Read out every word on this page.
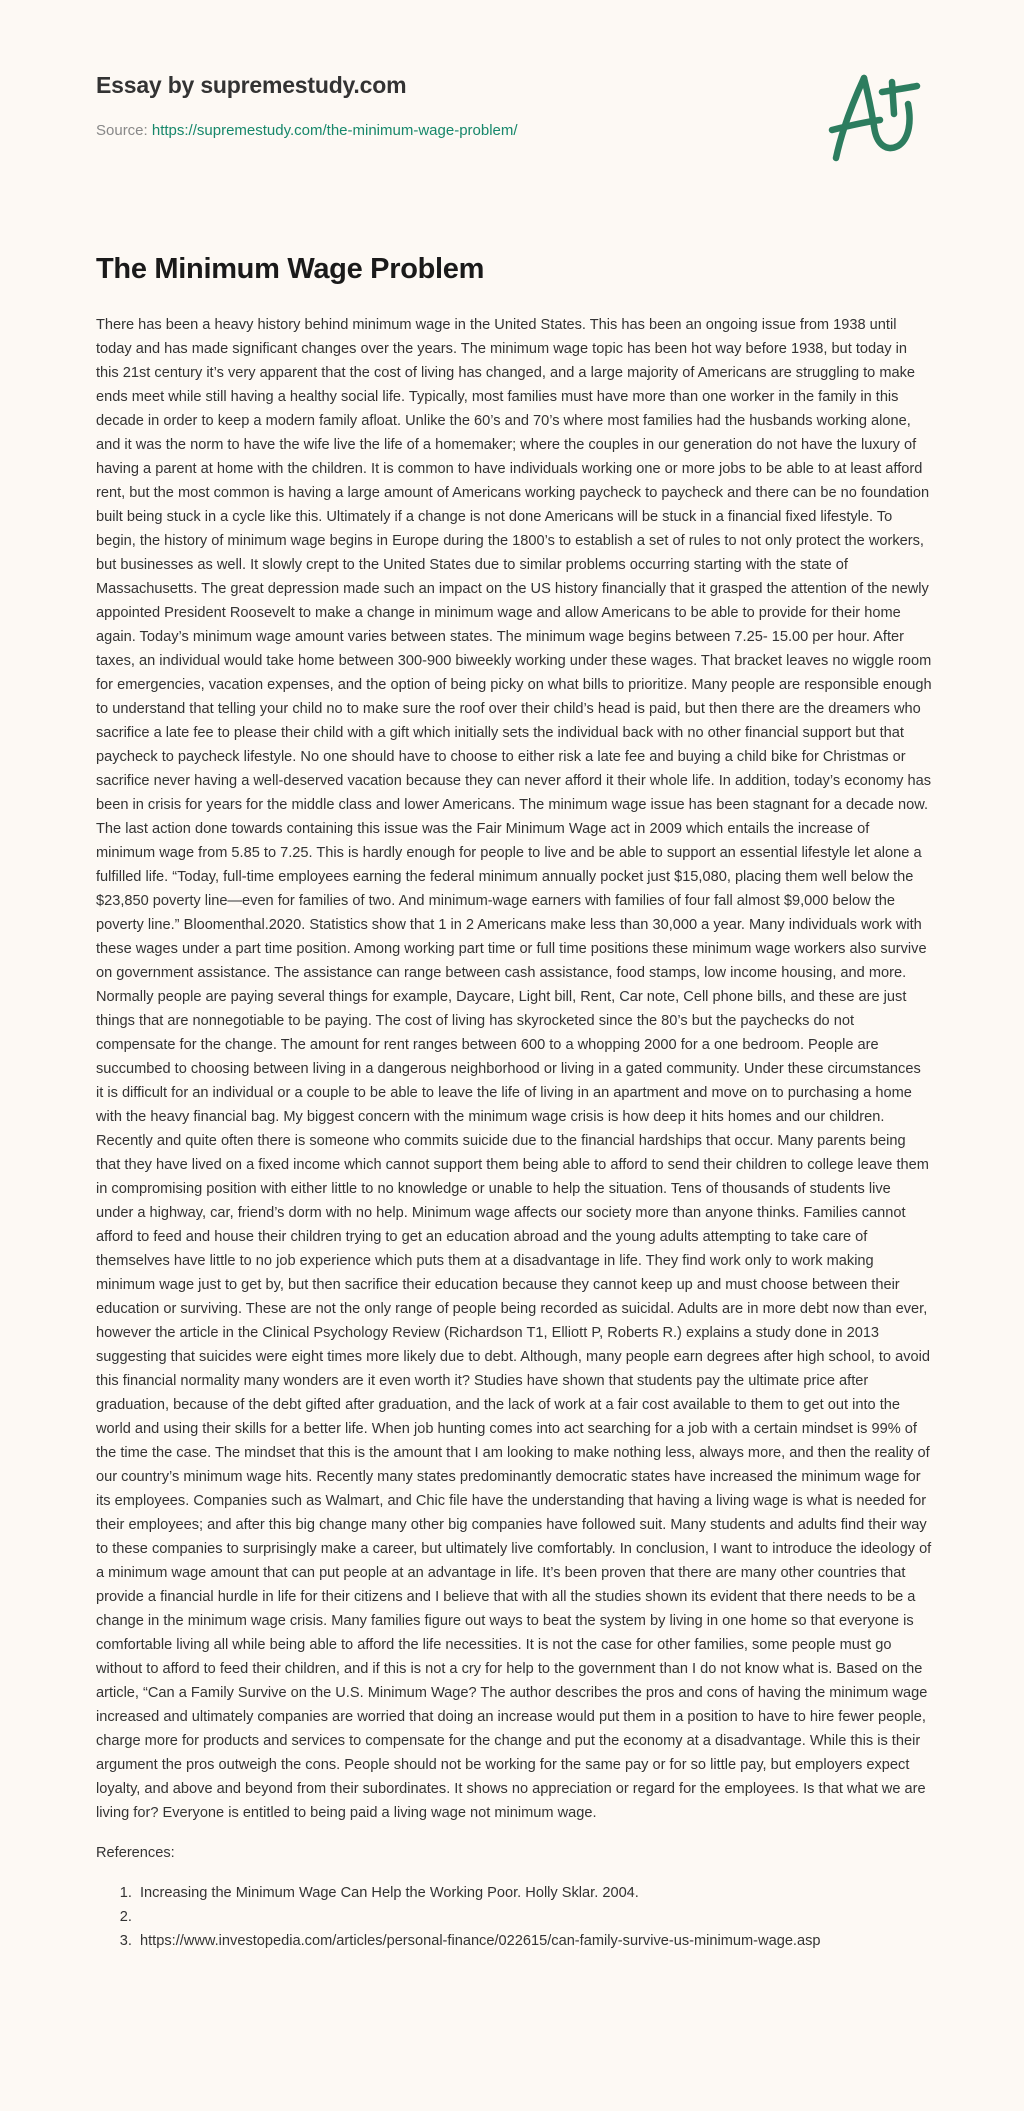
Essay by supremestudy.com
Source: https://supremestudy.com/the-minimum-wage-problem/
The Minimum Wage Problem

There has been a heavy history behind minimum wage in the United States. This has been an ongoing issue from 1938 until today and has made significant changes over the years. The minimum wage topic has been hot way before 1938, but today in this 21st century it’s very apparent that the cost of living has changed, and a large majority of Americans are struggling to make ends meet while still having a healthy social life. Typically, most families must have more than one worker in the family in this decade in order to keep a modern family afloat. Unlike the 60’s and 70’s where most families had the husbands working alone, and it was the norm to have the wife live the life of a homemaker; where the couples in our generation do not have the luxury of having a parent at home with the children. It is common to have individuals working one or more jobs to be able to at least afford rent, but the most common is having a large amount of Americans working paycheck to paycheck and there can be no foundation built being stuck in a cycle like this. Ultimately if a change is not done Americans will be stuck in a financial fixed lifestyle. To begin, the history of minimum wage begins in Europe during the 1800’s to establish a set of rules to not only protect the workers, but businesses as well. It slowly crept to the United States due to similar problems occurring starting with the state of Massachusetts. The great depression made such an impact on the US history financially that it grasped the attention of the newly appointed President Roosevelt to make a change in minimum wage and allow Americans to be able to provide for their home again. Today’s minimum wage amount varies between states. The minimum wage begins between 7.25- 15.00 per hour. After taxes, an individual would take home between 300-900 biweekly working under these wages. That bracket leaves no wiggle room for emergencies, vacation expenses, and the option of being picky on what bills to prioritize. Many people are responsible enough to understand that telling your child no to make sure the roof over their child’s head is paid, but then there are the dreamers who sacrifice a late fee to please their child with a gift which initially sets the individual back with no other financial support but that paycheck to paycheck lifestyle. No one should have to choose to either risk a late fee and buying a child bike for Christmas or sacrifice never having a well-deserved vacation because they can never afford it their whole life. In addition, today’s economy has been in crisis for years for the middle class and lower Americans. The minimum wage issue has been stagnant for a decade now. The last action done towards containing this issue was the Fair Minimum Wage act in 2009 which entails the increase of minimum wage from 5.85 to 7.25. This is hardly enough for people to live and be able to support an essential lifestyle let alone a fulfilled life. “Today, full-time employees earning the federal minimum annually pocket just $15,080, placing them well below the $23,850 poverty line—even for families of two. And minimum-wage earners with families of four fall almost $9,000 below the poverty line.” Bloomenthal.2020. Statistics show that 1 in 2 Americans make less than 30,000 a year. Many individuals work with these wages under a part time position. Among working part time or full time positions these minimum wage workers also survive on government assistance. The assistance can range between cash assistance, food stamps, low income housing, and more. Normally people are paying several things for example, Daycare, Light bill, Rent, Car note, Cell phone bills, and these are just things that are nonnegotiable to be paying. The cost of living has skyrocketed since the 80’s but the paychecks do not compensate for the change. The amount for rent ranges between 600 to a whopping 2000 for a one bedroom. People are succumbed to choosing between living in a dangerous neighborhood or living in a gated community. Under these circumstances it is difficult for an individual or a couple to be able to leave the life of living in an apartment and move on to purchasing a home with the heavy financial bag. My biggest concern with the minimum wage crisis is how deep it hits homes and our children. Recently and quite often there is someone who commits suicide due to the financial hardships that occur. Many parents being that they have lived on a fixed income which cannot support them being able to afford to send their children to college leave them in compromising position with either little to no knowledge or unable to help the situation. Tens of thousands of students live under a highway, car, friend’s dorm with no help. Minimum wage affects our society more than anyone thinks. Families cannot afford to feed and house their children trying to get an education abroad and the young adults attempting to take care of themselves have little to no job experience which puts them at a disadvantage in life. They find work only to work making minimum wage just to get by, but then sacrifice their education because they cannot keep up and must choose between their education or surviving. These are not the only range of people being recorded as suicidal. Adults are in more debt now than ever, however the article in the Clinical Psychology Review (Richardson T1, Elliott P, Roberts R.) explains a study done in 2013 suggesting that suicides were eight times more likely due to debt. Although, many people earn degrees after high school, to avoid this financial normality many wonders are it even worth it? Studies have shown that students pay the ultimate price after graduation, because of the debt gifted after graduation, and the lack of work at a fair cost available to them to get out into the world and using their skills for a better life. When job hunting comes into act searching for a job with a certain mindset is 99% of the time the case. The mindset that this is the amount that I am looking to make nothing less, always more, and then the reality of our country’s minimum wage hits. Recently many states predominantly democratic states have increased the minimum wage for its employees. Companies such as Walmart, and Chic file have the understanding that having a living wage is what is needed for their employees; and after this big change many other big companies have followed suit. Many students and adults find their way to these companies to surprisingly make a career, but ultimately live comfortably. In conclusion, I want to introduce the ideology of a minimum wage amount that can put people at an advantage in life. It’s been proven that there are many other countries that provide a financial hurdle in life for their citizens and I believe that with all the studies shown its evident that there needs to be a change in the minimum wage crisis. Many families figure out ways to beat the system by living in one home so that everyone is comfortable living all while being able to afford the life necessities. It is not the case for other families, some people must go without to afford to feed their children, and if this is not a cry for help to the government than I do not know what is. Based on the article, “Can a Family Survive on the U.S. Minimum Wage? The author describes the pros and cons of having the minimum wage increased and ultimately companies are worried that doing an increase would put them in a position to have to hire fewer people, charge more for products and services to compensate for the change and put the economy at a disadvantage. While this is their argument the pros outweigh the cons. People should not be working for the same pay or for so little pay, but employers expect loyalty, and above and beyond from their subordinates. It shows no appreciation or regard for the employees. Is that what we are living for? Everyone is entitled to being paid a living wage not minimum wage.

References:

1. Increasing the Minimum Wage Can Help the Working Poor. Holly Sklar. 2004.
2.
3. https://www.investopedia.com/articles/personal-finance/022615/can-family-survive-us-minimum-wage.asp
